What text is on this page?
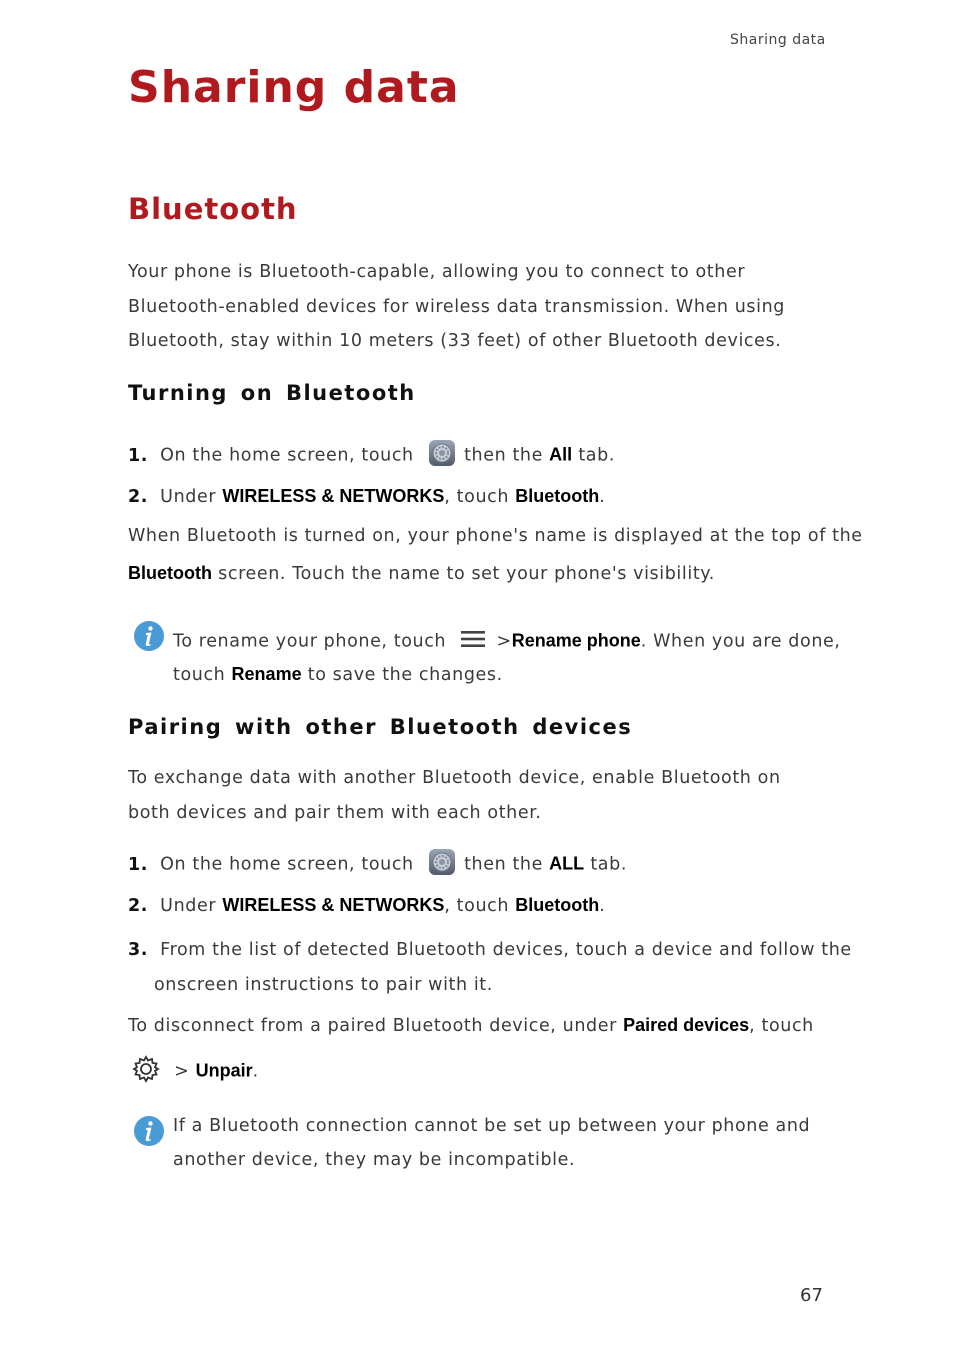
Sharing data
Sharing data
Bluetooth

Your phone is Bluetooth-capable, allowing you to connect to other Bluetooth-enabled devices for wireless data transmission. When using Bluetooth, stay within 10 meters (33 feet) of other Bluetooth devices.

Turning on Bluetooth
1. On the home screen, touch	then the All tab.
2. Under WIRELESS & NETWORKS, touch Bluetooth.
When Bluetooth is turned on, your phone's name is displayed at the top of the
Bluetooth screen. Touch the name to set your phone's visibility.
To rename your phone, touch	>Rename phone. When you are done,
touch Rename to save the changes.
Pairing with other Bluetooth devices

To exchange data with another Bluetooth device, enable Bluetooth on both devices and pair them with each other.

1. On the home screen, touch	then the ALL tab.
2. Under WIRELESS & NETWORKS, touch Bluetooth.
3. From the list of detected Bluetooth devices, touch a device and follow the
onscreen instructions to pair with it.
To disconnect from a paired Bluetooth device, under Paired devices, touch
> Unpair.
If a Bluetooth connection cannot be set up between your phone and
another device, they may be incompatible.
67
